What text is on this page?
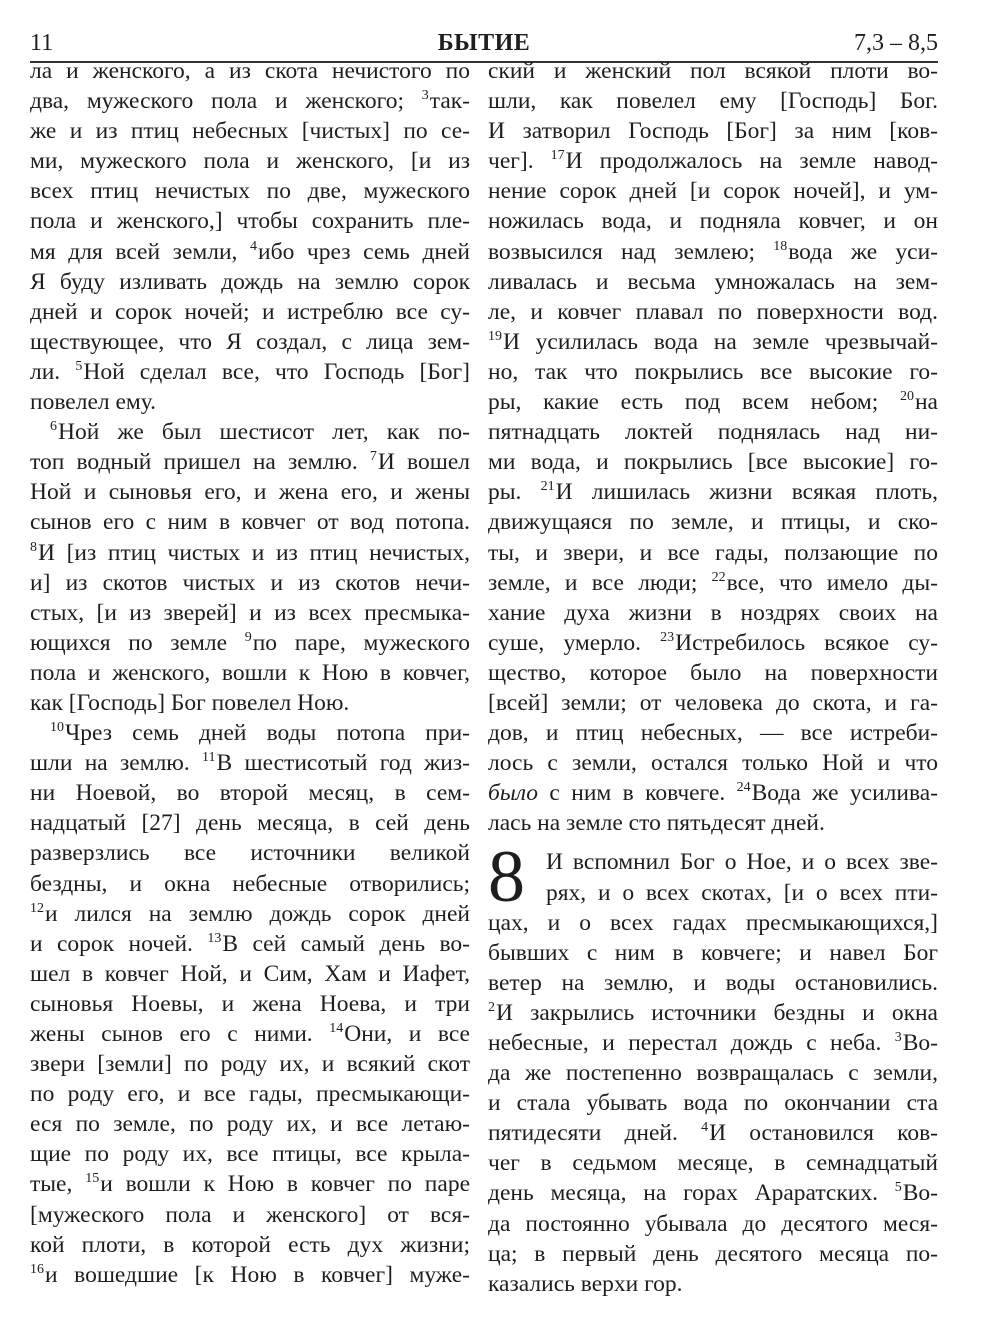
11	БЫТИЕ	7,3 – 8,5
ла и женского, а из скота нечистого по
два, мужеского пола и женского; $^3$так-
же и из птиц небесных [чистых] по се-
ми, мужеского пола и женского, [и из
всех птиц нечистых по две, мужеского
пола и женского,] чтобы сохранить пле-
мя для всей земли, $^4$ибо чрез семь дней
Я буду изливать дождь на землю сорок
дней и сорок ночей; и истреблю все су-
ществующее, что Я создал, с лица зем-
ли. $^5$Ной сделал все, что Господь [Бог]
повелел ему.
$^6$Ной же был шестисот лет, как по-
топ водный пришел на землю. $^7$И вошел
Ной и сыновья его, и жена его, и жены
сынов его с ним в ковчег от вод потопа.
$^8$И [из птиц чистых и из птиц нечистых,
и] из скотов чистых и из скотов нечи-
стых, [и из зверей] и из всех пресмыка-
ющихся по земле $^9$по паре, мужеского
пола и женского, вошли к Ною в ковчег,
как [Господь] Бог повелел Ною.
$^{10}$Чрез семь дней воды потопа при-
шли на землю. $^{11}$В шестисотый год жиз-
ни Ноевой, во второй месяц, в сем-
надцатый [27] день месяца, в сей день
разверзлись все источники великой
бездны, и окна небесные отворились;
$^{12}$и лился на землю дождь сорок дней
и сорок ночей. $^{13}$В сей самый день во-
шел в ковчег Ной, и Сим, Хам и Иафет,
сыновья Ноевы, и жена Ноева, и три
жены сынов его с ними. $^{14}$Они, и все
звери [земли] по роду их, и всякий скот
по роду его, и все гады, пресмыкающи-
еся по земле, по роду их, и все летаю-
щие по роду их, все птицы, все крыла-
тые, $^{15}$и вошли к Ною в ковчег по паре
[мужеского пола и женского] от вся-
кой плоти, в которой есть дух жизни;
$^{16}$и вошедшие [к Ною в ковчег] муже-
ский и женский пол всякой плоти во-
шли, как повелел ему [Господь] Бог.
И затворил Господь [Бог] за ним [ков-
чег]. $^{17}$И продолжалось на земле навод-
нение сорок дней [и сорок ночей], и ум-
ножилась вода, и подняла ковчег, и он
возвысился над землею; $^{18}$вода же уси-
ливалась и весьма умножалась на зем-
ле, и ковчег плавал по поверхности вод.
$^{19}$И усилилась вода на земле чрезвычай-
но, так что покрылись все высокие го-
ры, какие есть под всем небом; $^{20}$на
пятнадцать локтей поднялась над ни-
ми вода, и покрылись [все высокие] го-
ры. $^{21}$И лишилась жизни всякая плоть,
движущаяся по земле, и птицы, и ско-
ты, и звери, и все гады, ползающие по
земле, и все люди; $^{22}$все, что имело ды-
хание духа жизни в ноздрях своих на
суше, умерло. $^{23}$Истребилось всякое су-
щество, которое было на поверхности
[всей] земли; от человека до скота, и га-
дов, и птиц небесных, — все истреби-
лось с земли, остался только Ной и что
было с ним в ковчеге. $^{24}$Вода же усилива-
лась на земле сто пятьдесят дней.
8 И вспомнил Бог о Ное, и о всех зве-
рях, и о всех скотах, [и о всех пти-
цах, и о всех гадах пресмыкающихся,]
бывших с ним в ковчеге; и навел Бог
ветер на землю, и воды остановились.
$^2$И закрылись источники бездны и окна
небесные, и перестал дождь с неба. $^3$Во-
да же постепенно возвращалась с земли,
и стала убывать вода по окончании ста
пятидесяти дней. $^4$И остановился ков-
чег в седьмом месяце, в семнадцатый
день месяца, на горах Араратских. $^5$Во-
да постоянно убывала до десятого меся-
ца; в первый день десятого месяца по-
казались верхи гор.
